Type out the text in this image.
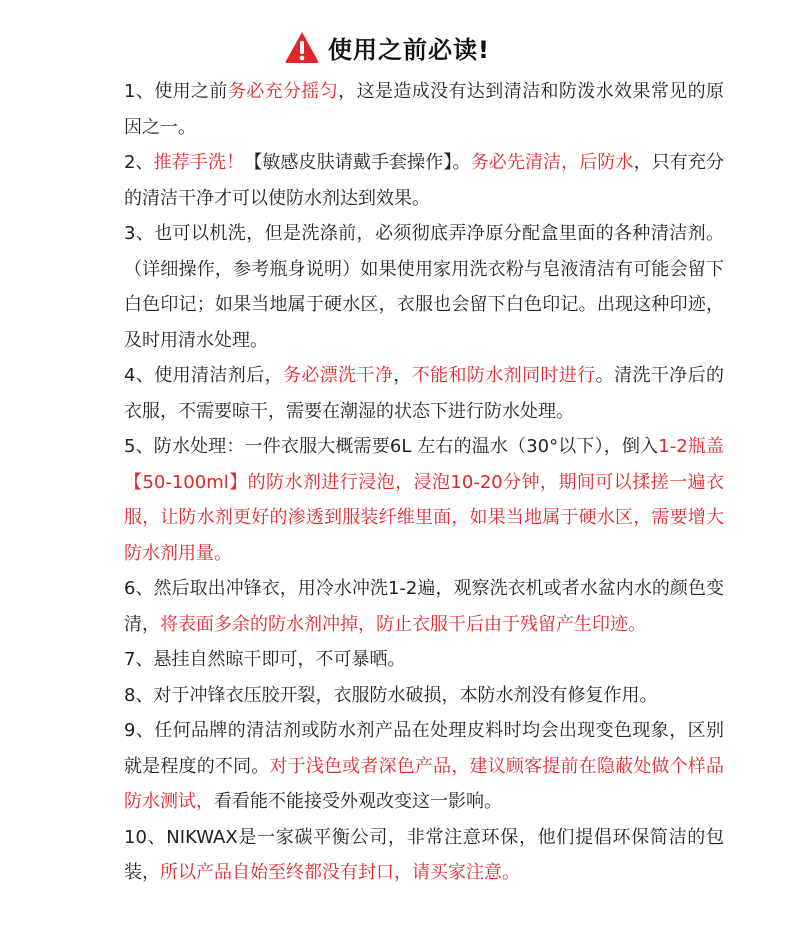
使用之前必读!

1、使用之前务必充分摇匀，这是造成没有达到清洁和防泼水效果常见的原因之一。

2、推荐手洗！【敏感皮肤请戴手套操作】。务必先清洁，后防水，只有充分的清洁干净才可以使防水剂达到效果。

3、也可以机洗，但是洗涤前，必须彻底弄净原分配盒里面的各种清洁剂。（详细操作，参考瓶身说明）如果使用家用洗衣粉与皂液清洁有可能会留下白色印记；如果当地属于硬水区，衣服也会留下白色印记。出现这种印迹，及时用清水处理。

4、使用清洁剂后，务必漂洗干净，不能和防水剂同时进行。清洗干净后的衣服，不需要晾干，需要在潮湿的状态下进行防水处理。

5、防水处理：一件衣服大概需要6L 左右的温水（30°以下），倒入1-2瓶盖【50-100ml】的防水剂进行浸泡，浸泡10-20分钟，期间可以揉搓一遍衣服，让防水剂更好的渗透到服装纤维里面，如果当地属于硬水区，需要增大防水剂用量。

6、然后取出冲锋衣，用冷水冲洗1-2遍，观察洗衣机或者水盆内水的颜色变清，将表面多余的防水剂冲掉，防止衣服干后由于残留产生印迹。

7、悬挂自然晾干即可，不可暴晒。

8、对于冲锋衣压胶开裂，衣服防水破损，本防水剂没有修复作用。

9、任何品牌的清洁剂或防水剂产品在处理皮料时均会出现变色现象，区别就是程度的不同。对于浅色或者深色产品，建议顾客提前在隐蔽处做个样品防水测试，看看能不能接受外观改变这一影响。

10、NIKWAX是一家碳平衡公司，非常注意环保，他们提倡环保简洁的包装，所以产品自始至终都没有封口，请买家注意。
